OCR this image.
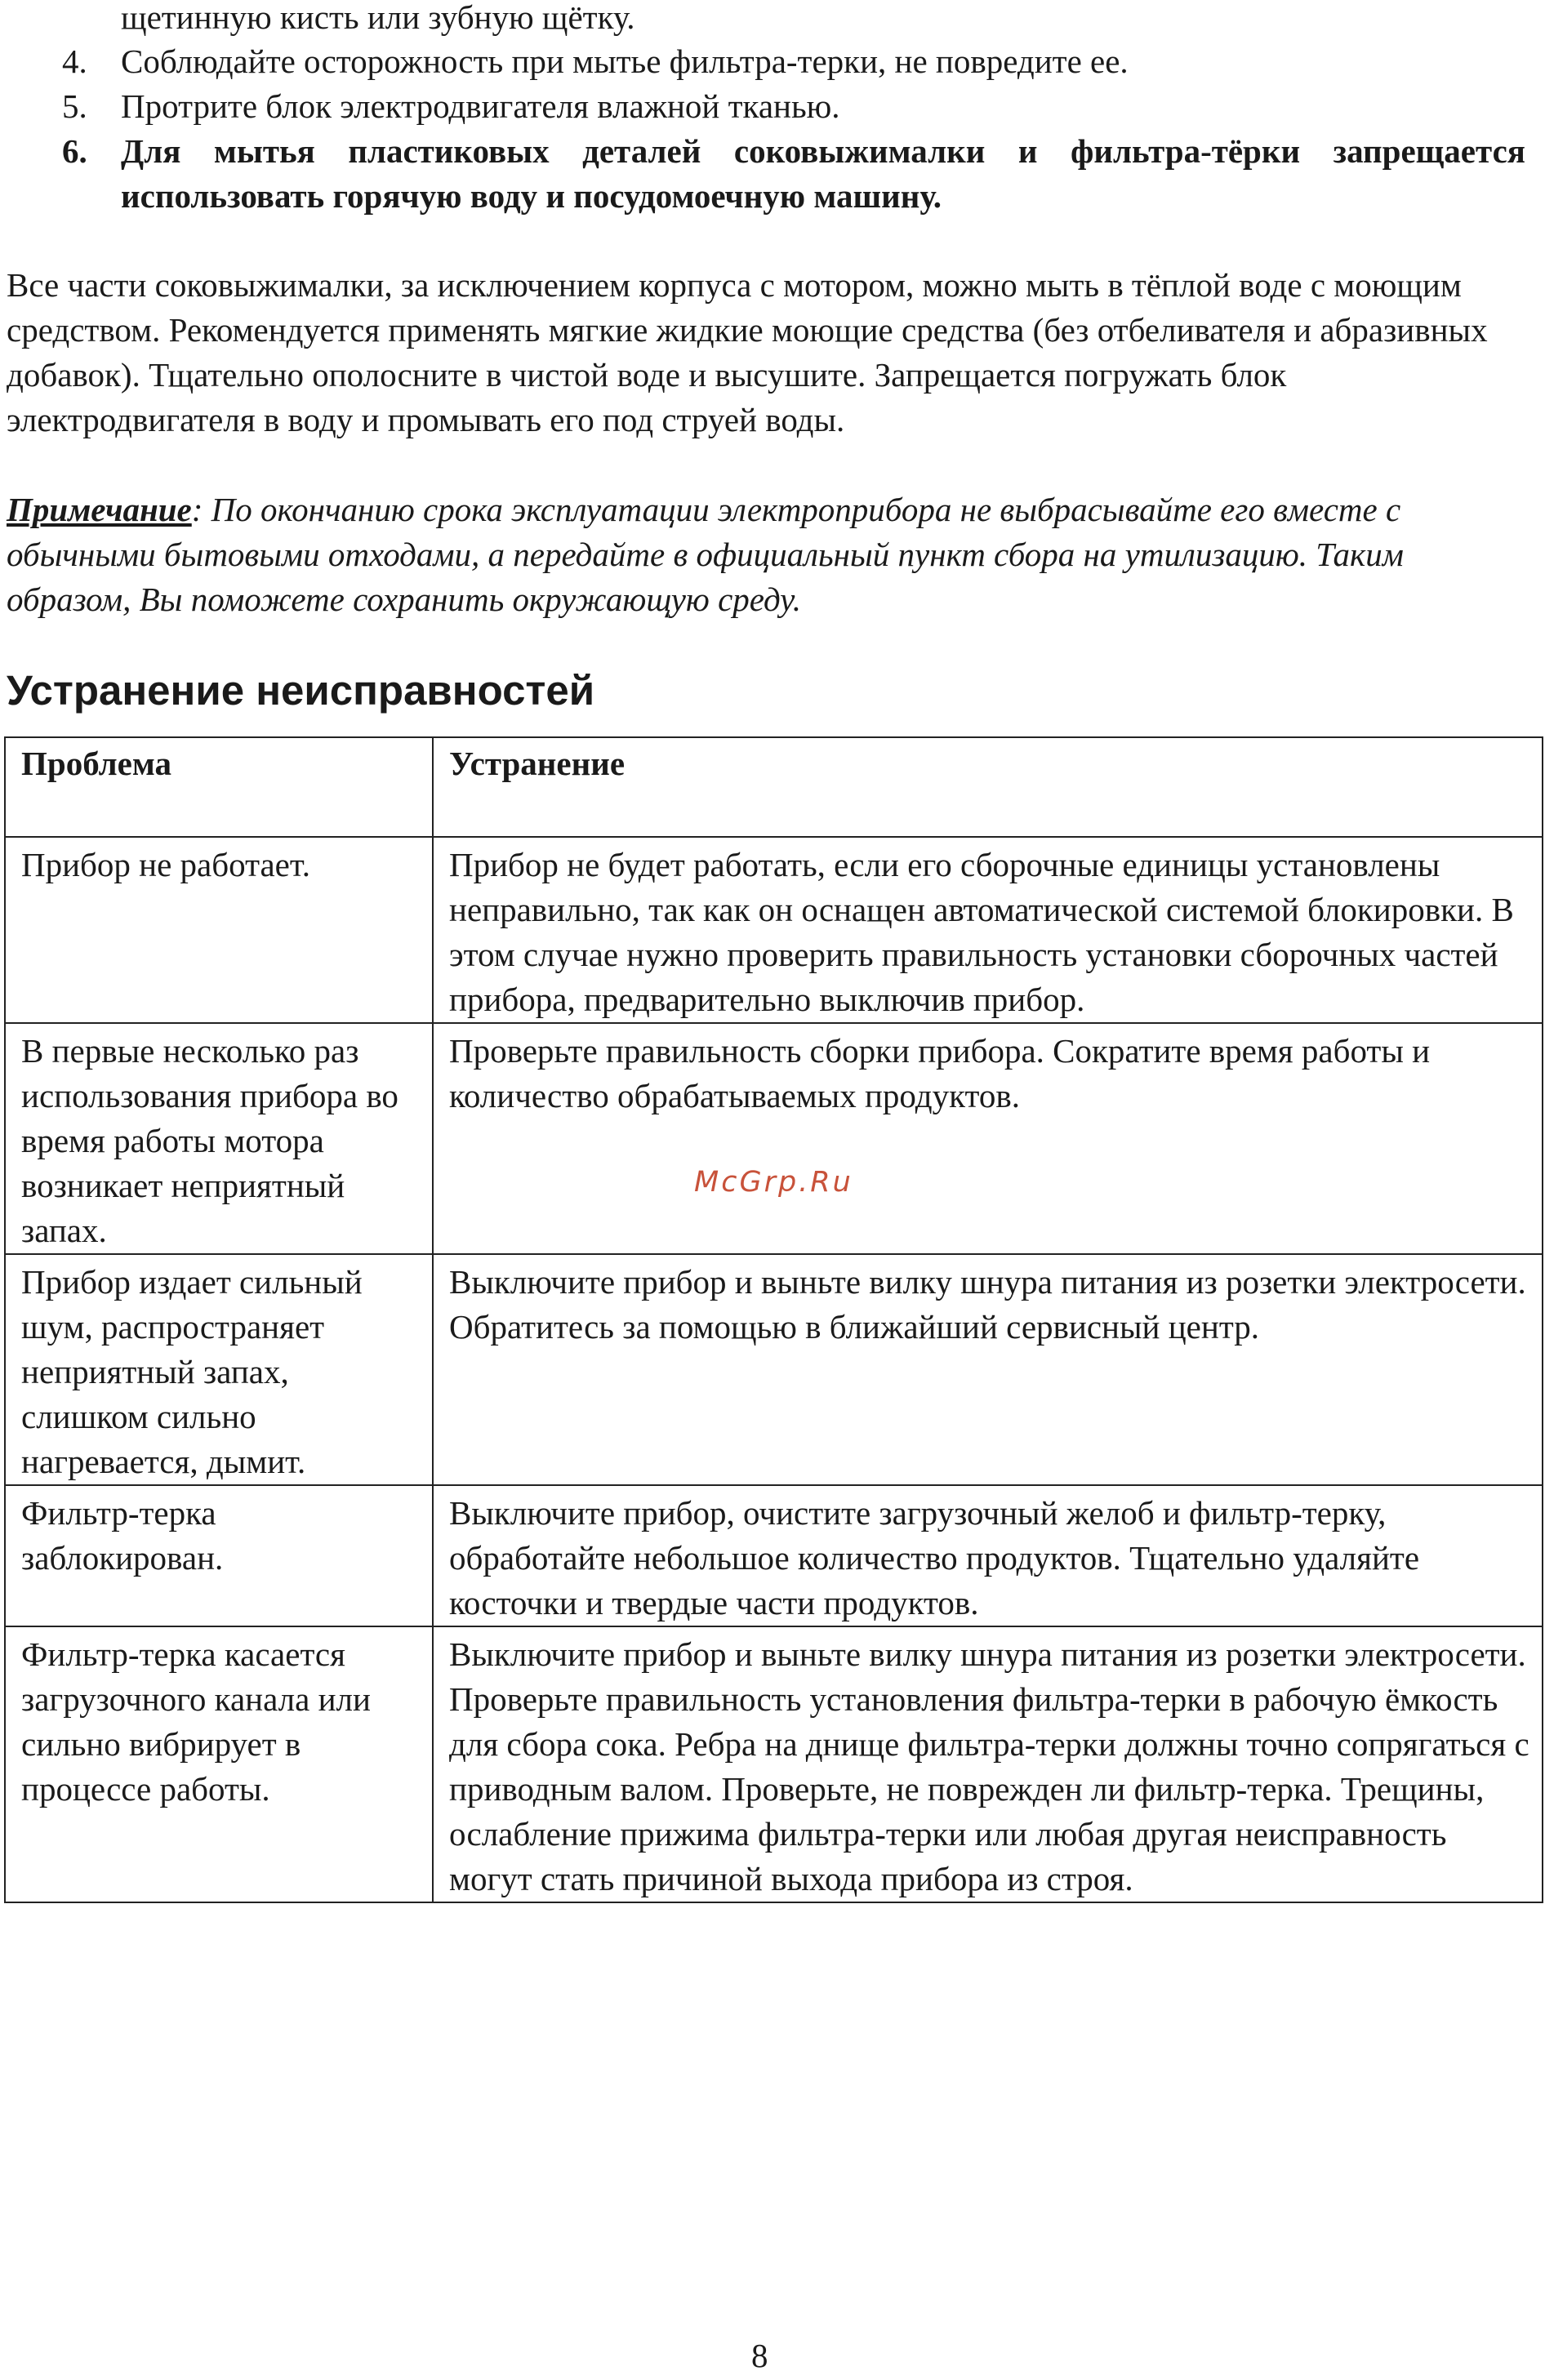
щетинную кисть или зубную щётку.

4. Соблюдайте осторожность при мытье фильтра-терки, не повредите ее.
5. Протрите блок электродвигателя влажной тканью.
6. Для мытья пластиковых деталей соковыжималки и фильтра-тёрки запрещается использовать горячую воду и посудомоечную машину.

Все части соковыжималки, за исключением корпуса с мотором, можно мыть в тёплой воде с моющим средством. Рекомендуется применять мягкие жидкие моющие средства (без отбеливателя и абразивных добавок). Тщательно ополосните в чистой воде и высушите. Запрещается погружать блок электродвигателя в воду и промывать его под струей воды.

Примечание: По окончанию срока эксплуатации электроприбора не выбрасывайте его вместе с обычными бытовыми отходами, а передайте в официальный пункт сбора на утилизацию. Таким образом, Вы поможете сохранить окружающую среду.

Устранение неисправностей
Проблема	Устранение
Прибор не работает.	Прибор не будет работать, если его сборочные единицы установлены неправильно, так как он оснащен автоматической системой блокировки. В этом случае нужно проверить правильность установки сборочных частей прибора, предварительно выключив прибор.
В первые несколько раз использования прибора во время работы мотора возникает неприятный запах.	Проверьте правильность сборки прибора. Сократите время работы и количество обрабатываемых продуктов.
Прибор издает сильный шум, распространяет неприятный запах, слишком сильно нагревается, дымит.	Выключите прибор и выньте вилку шнура питания из розетки электросети. Обратитесь за помощью в ближайший сервисный центр.
Фильтр-терка заблокирован.	Выключите прибор, очистите загрузочный желоб и фильтр-терку, обработайте небольшое количество продуктов. Тщательно удаляйте косточки и твердые части продуктов.
Фильтр-терка касается загрузочного канала или сильно вибрирует в процессе работы.	Выключите прибор и выньте вилку шнура питания из розетки электросети. Проверьте правильность установления фильтра-терки в рабочую ёмкость для сбора сока. Ребра на днище фильтра-терки должны точно сопрягаться с приводным валом. Проверьте, не поврежден ли фильтр-терка. Трещины, ослабление прижима фильтра-терки или любая другая неисправность могут стать причиной выхода прибора из строя.
McGrp.Ru
8
